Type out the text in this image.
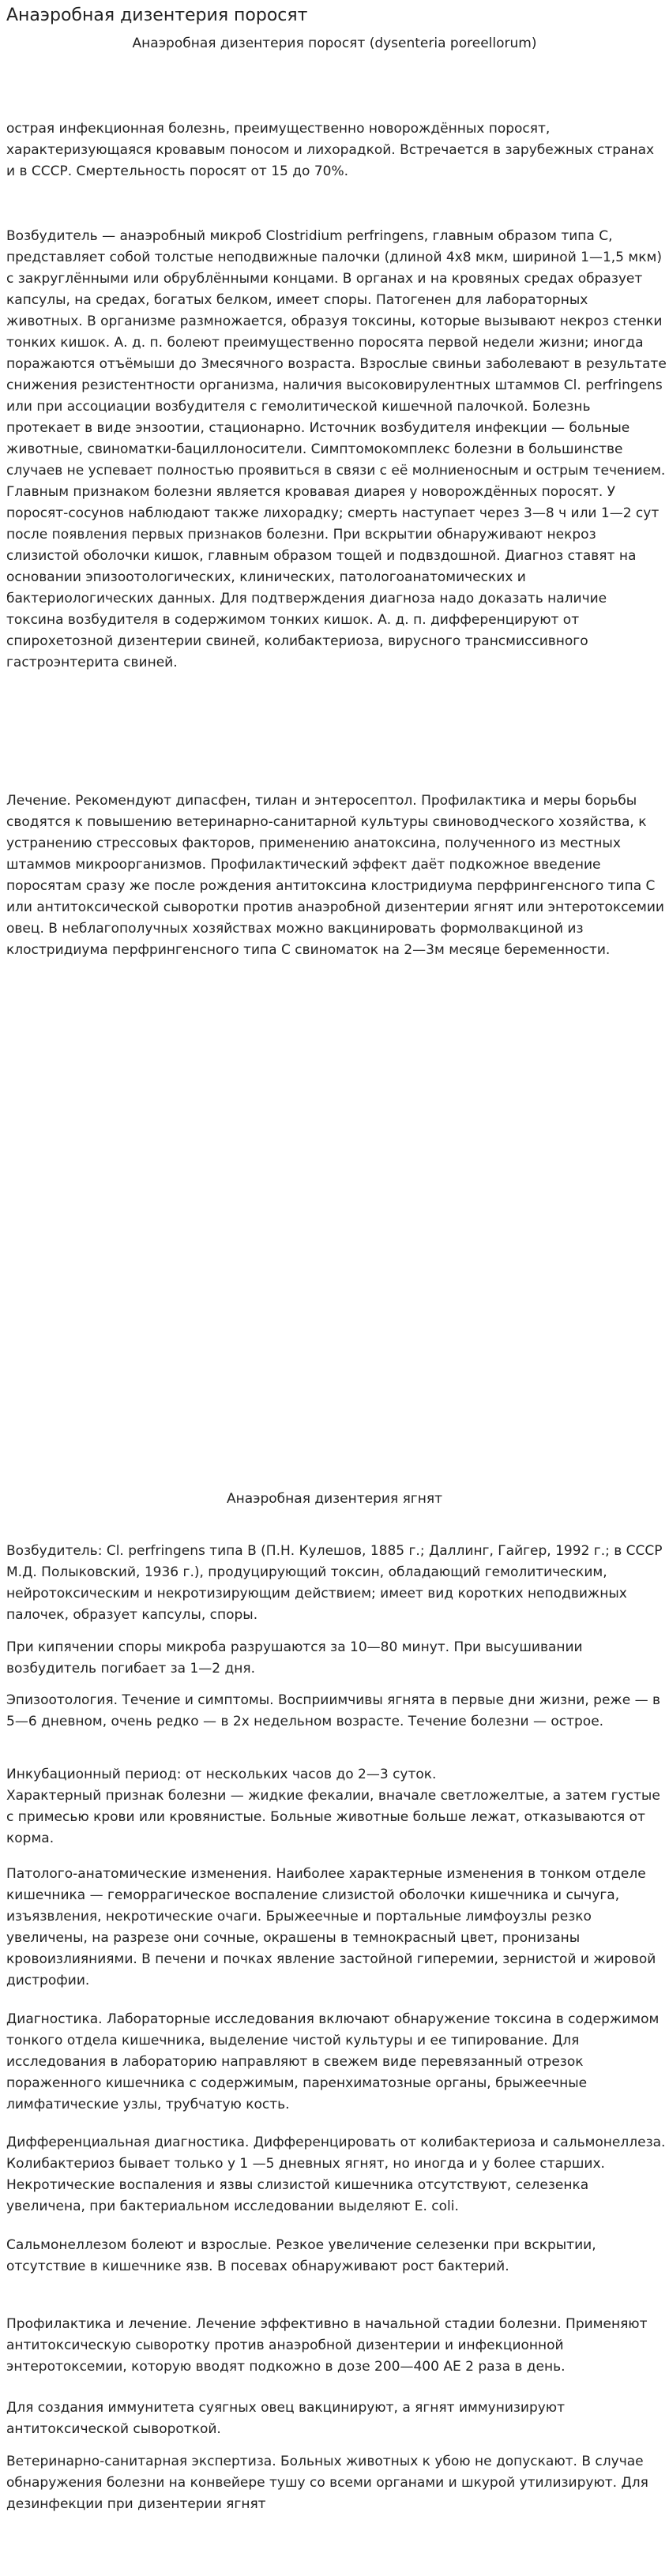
Анаэробная дизентерия поросят
Анаэробная дизентерия поросят (dysenteria poreellorum)

острая инфекционная болезнь, преимущественно новорождённых поросят, характеризующаяся кровавым поносом и лихорадкой. Встречается в зарубежных странах и в СССР. Смертельность поросят от 15 до 70%.

Возбудитель — анаэробный микроб Clostridium perfringens, главным образом типа С, представляет собой толстые неподвижные палочки (длиной 4x8 мкм, шириной 1—1,5 мкм) с закруглёнными или обрублёнными концами. В органах и на кровяных средах образует капсулы, на средах, богатых белком, имеет споры. Патогенен для лабораторных животных. В организме размножается, образуя токсины, которые вызывают некроз стенки тонких кишок. А. д. п. болеют преимущественно поросята первой недели жизни; иногда поражаются отъёмыши до 3месячного возраста. Взрослые свиньи заболевают в результате снижения резистентности организма, наличия высоковирулентных штаммов Cl. perfringens или при ассоциации возбудителя с гемолитической кишечной палочкой. Болезнь протекает в виде энзоотии, стационарно. Источник возбудителя инфекции — больные животные, свиноматки-бациллоносители. Симптомокомплекс болезни в большинстве случаев не успевает полностью проявиться в связи с её молниеносным и острым течением. Главным признаком болезни является кровавая диарея у новорождённых поросят. У поросят-сосунов наблюдают также лихорадку; смерть наступает через 3—8 ч или 1—2 сут после появления первых признаков болезни. При вскрытии обнаруживают некроз слизистой оболочки кишок, главным образом тощей и подвздошной. Диагноз ставят на основании эпизоотологических, клинических, патологоанатомических и бактериологических данных. Для подтверждения диагноза надо доказать наличие токсина возбудителя в содержимом тонких кишок. А. д. п. дифференцируют от спирохетозной дизентерии свиней, колибактериоза, вирусного трансмиссивного гастроэнтерита свиней.

Лечение. Рекомендуют дипасфен, тилан и энтеросептол. Профилактика и меры борьбы сводятся к повышению ветеринарно-санитарной культуры свиноводческого хозяйства, к устранению стрессовых факторов, применению анатоксина, полученного из местных штаммов микроорганизмов. Профилактический эффект даёт подкожное введение поросятам сразу же после рождения антитоксина клостридиума перфрингенсного типа С или антитоксической сыворотки против анаэробной дизентерии ягнят или энтеротоксемии овец. В неблагополучных хозяйствах можно вакцинировать формолвакциной из клостридиума перфрингенсного типа С свиноматок на 2—3м месяце беременности.

Анаэробная дизентерия ягнят

Возбудитель: Cl. perfringens типа В (П.Н. Кулешов, 1885 г.; Даллинг, Гайгер, 1992 г.; в СССР М.Д. Полыковский, 1936 г.), продуцирующий токсин, обладающий гемолитическим, нейротоксическим и некротизирующим действием; имеет вид коротких неподвижных палочек, образует капсулы, споры.

При кипячении споры микроба разрушаются за 10—80 минут. При высушивании возбудитель погибает за 1—2 дня.

Эпизоотология. Течение и симптомы. Восприимчивы ягнята в первые дни жизни, реже — в 5—6 дневном, очень редко — в 2х недельном возрасте. Течение болезни — острое.

Инкубационный период: от нескольких часов до 2—3 суток.

Характерный признак болезни — жидкие фекалии, вначале светложелтые, а затем густые с примесью крови или кровянистые. Больные животные больше лежат, отказываются от корма.

Патолого-анатомические изменения. Наиболее характерные изменения в тонком отделе кишечника — геморрагическое воспаление слизистой оболочки кишечника и сычуга, изъязвления, некротические очаги. Брыжеечные и портальные лимфоузлы резко увеличены, на разрезе они сочные, окрашены в темнокрасный цвет, пронизаны кровоизлияниями. В печени и почках явление застойной гиперемии, зернистой и жировой дистрофии.

Диагностика. Лабораторные исследования включают обнаружение токсина в содержимом тонкого отдела кишечника, выделение чистой культуры и ее типирование. Для исследования в лабораторию направляют в свежем виде перевязанный отрезок пораженного кишечника с содержимым, паренхиматозные органы, брыжеечные лимфатические узлы, трубчатую кость.

Дифференциальная диагностика. Дифференцировать от колибактериоза и сальмонеллеза. Колибактериоз бывает только у 1 —5 дневных ягнят, но иногда и у более старших. Некротические воспаления и язвы слизистой кишечника отсутствуют, селезенка увеличена, при бактериальном исследовании выделяют E. coli.

Сальмонеллезом болеют и взрослые. Резкое увеличение селезенки при вскрытии, отсутствие в кишечнике язв. В посевах обнаруживают рост бактерий.

Профилактика и лечение. Лечение эффективно в начальной стадии болезни. Применяют антитоксическую сыворотку против анаэробной дизентерии и инфекционной энтеротоксемии, которую вводят подкожно в дозе 200—400 АЕ 2 раза в день.

Для создания иммунитета суягных овец вакцинируют, а ягнят иммунизируют антитоксической сывороткой.

Ветеринарно-санитарная экспертиза. Больных животных к убою не допускают. В случае обнаружения болезни на конвейере тушу со всеми органами и шкурой утилизируют. Для дезинфекции при дизентерии ягнят
